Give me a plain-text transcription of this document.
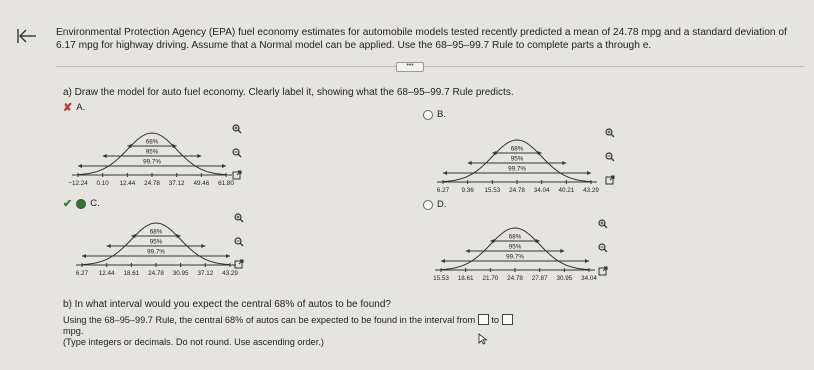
Environmental Protection Agency (EPA) fuel economy estimates for automobile models tested recently predicted a mean of 24.78 mpg and a standard deviation of 6.17 mpg for highway driving. Assume that a Normal model can be applied. Use the 68–95–99.7 Rule to complete parts a through e.
•••
a) Draw the model for auto fuel economy. Clearly label it, showing what the 68–95–99.7 Rule predicts.
✘ A.
−12.24 0.10 12.44 24.78 37.12 49.46 61.80
68%
95%
99.7%
B.
6.27 9.36 15.53 24.78 34.04 40.21 43.29
68%
95%
99.7%
✔ C.
6.27 12.44 18.61 24.78 30.95 37.12 43.29
68%
95%
99.7%
D.
15.53 18.61 21.70 24.78 27.87 30.95 34.04
68%
95%
99.7%
b) In what interval would you expect the central 68% of autos to be found?
Using the 68–95–99.7 Rule, the central 68% of autos can be expected to be found in the interval from to  mpg.
(Type integers or decimals. Do not round. Use ascending order.)
